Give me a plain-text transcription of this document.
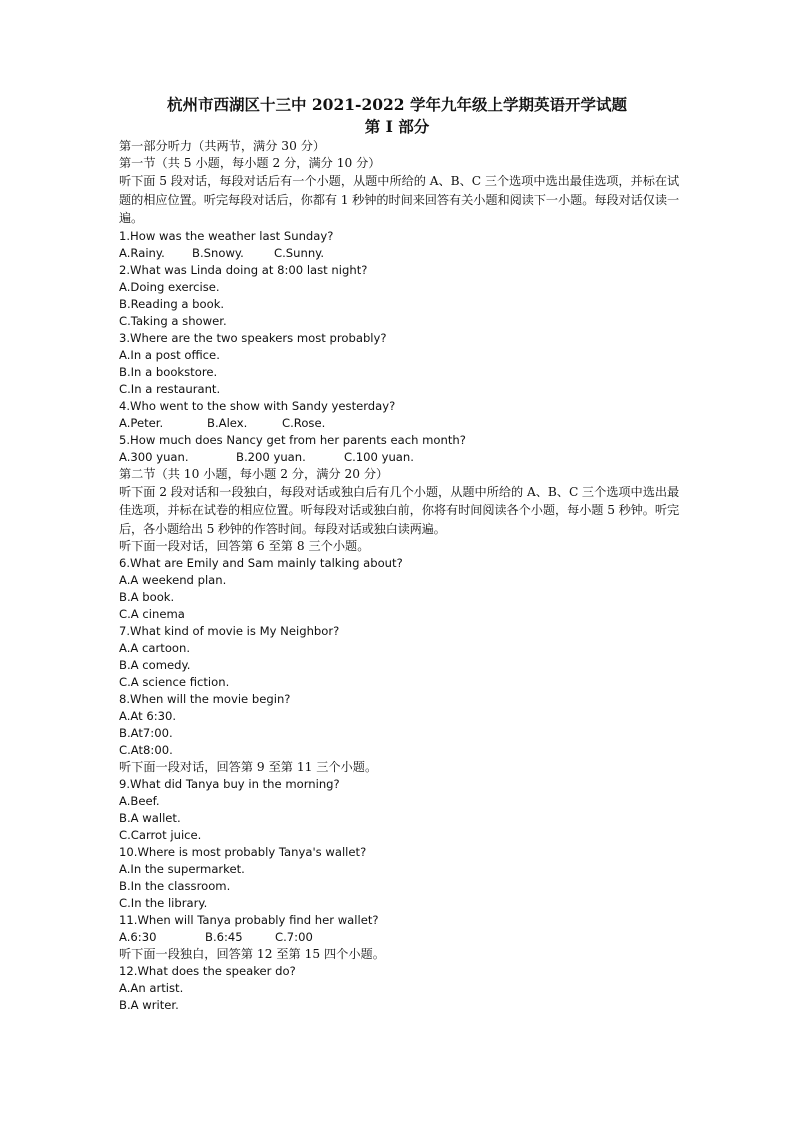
杭州市西湖区十三中 2021-2022 学年九年级上学期英语开学试题
第 I 部分
第一部分听力（共两节，满分 30 分）
第一节（共 5 小题，每小题 2 分，满分 10 分）
听下面 5 段对话，每段对话后有一个小题，从题中所给的 A、B、C 三个选项中选出最佳选项，并标在试题的相应位置。听完每段对话后，你都有 1 秒钟的时间来回答有关小题和阅读下一小题。每段对话仅读一遍。
1.How was the weather last Sunday?
A.Rainy.	B.Snowy.	C.Sunny.
2.What was Linda doing at 8:00 last night?
A.Doing exercise.
B.Reading a book.
C.Taking a shower.
3.Where are the two speakers most probably?
A.In a post office.
B.In a bookstore.
C.In a restaurant.
4.Who went to the show with Sandy yesterday?
A.Peter.	B.Alex.	C.Rose.
5.How much does Nancy get from her parents each month?
A.300 yuan.	B.200 yuan.	C.100 yuan.
第二节（共 10 小题，每小题 2 分，满分 20 分）
听下面 2 段对话和一段独白，每段对话或独白后有几个小题，从题中所给的 A、B、C 三个选项中选出最佳选项，并标在试卷的相应位置。听每段对话或独白前，你将有时间阅读各个小题，每小题 5 秒钟。听完后，各小题给出 5 秒钟的作答时间。每段对话或独白读两遍。
听下面一段对话，回答第 6 至第 8 三个小题。
6.What are Emily and Sam mainly talking about?
A.A weekend plan.
B.A book.
C.A cinema
7.What kind of movie is My Neighbor?
A.A cartoon.
B.A comedy.
C.A science fiction.
8.When will the movie begin?
A.At 6:30.
B.At7:00.
C.At8:00.
听下面一段对话，回答第 9 至第 11 三个小题。
9.What did Tanya buy in the morning?
A.Beef.
B.A wallet.
C.Carrot juice.
10.Where is most probably Tanya's wallet?
A.In the supermarket.
B.In the classroom.
C.In the library.
11.When will Tanya probably find her wallet?
A.6:30	B.6:45	C.7:00
听下面一段独白，回答第 12 至第 15 四个小题。
12.What does the speaker do?
A.An artist.
B.A writer.
